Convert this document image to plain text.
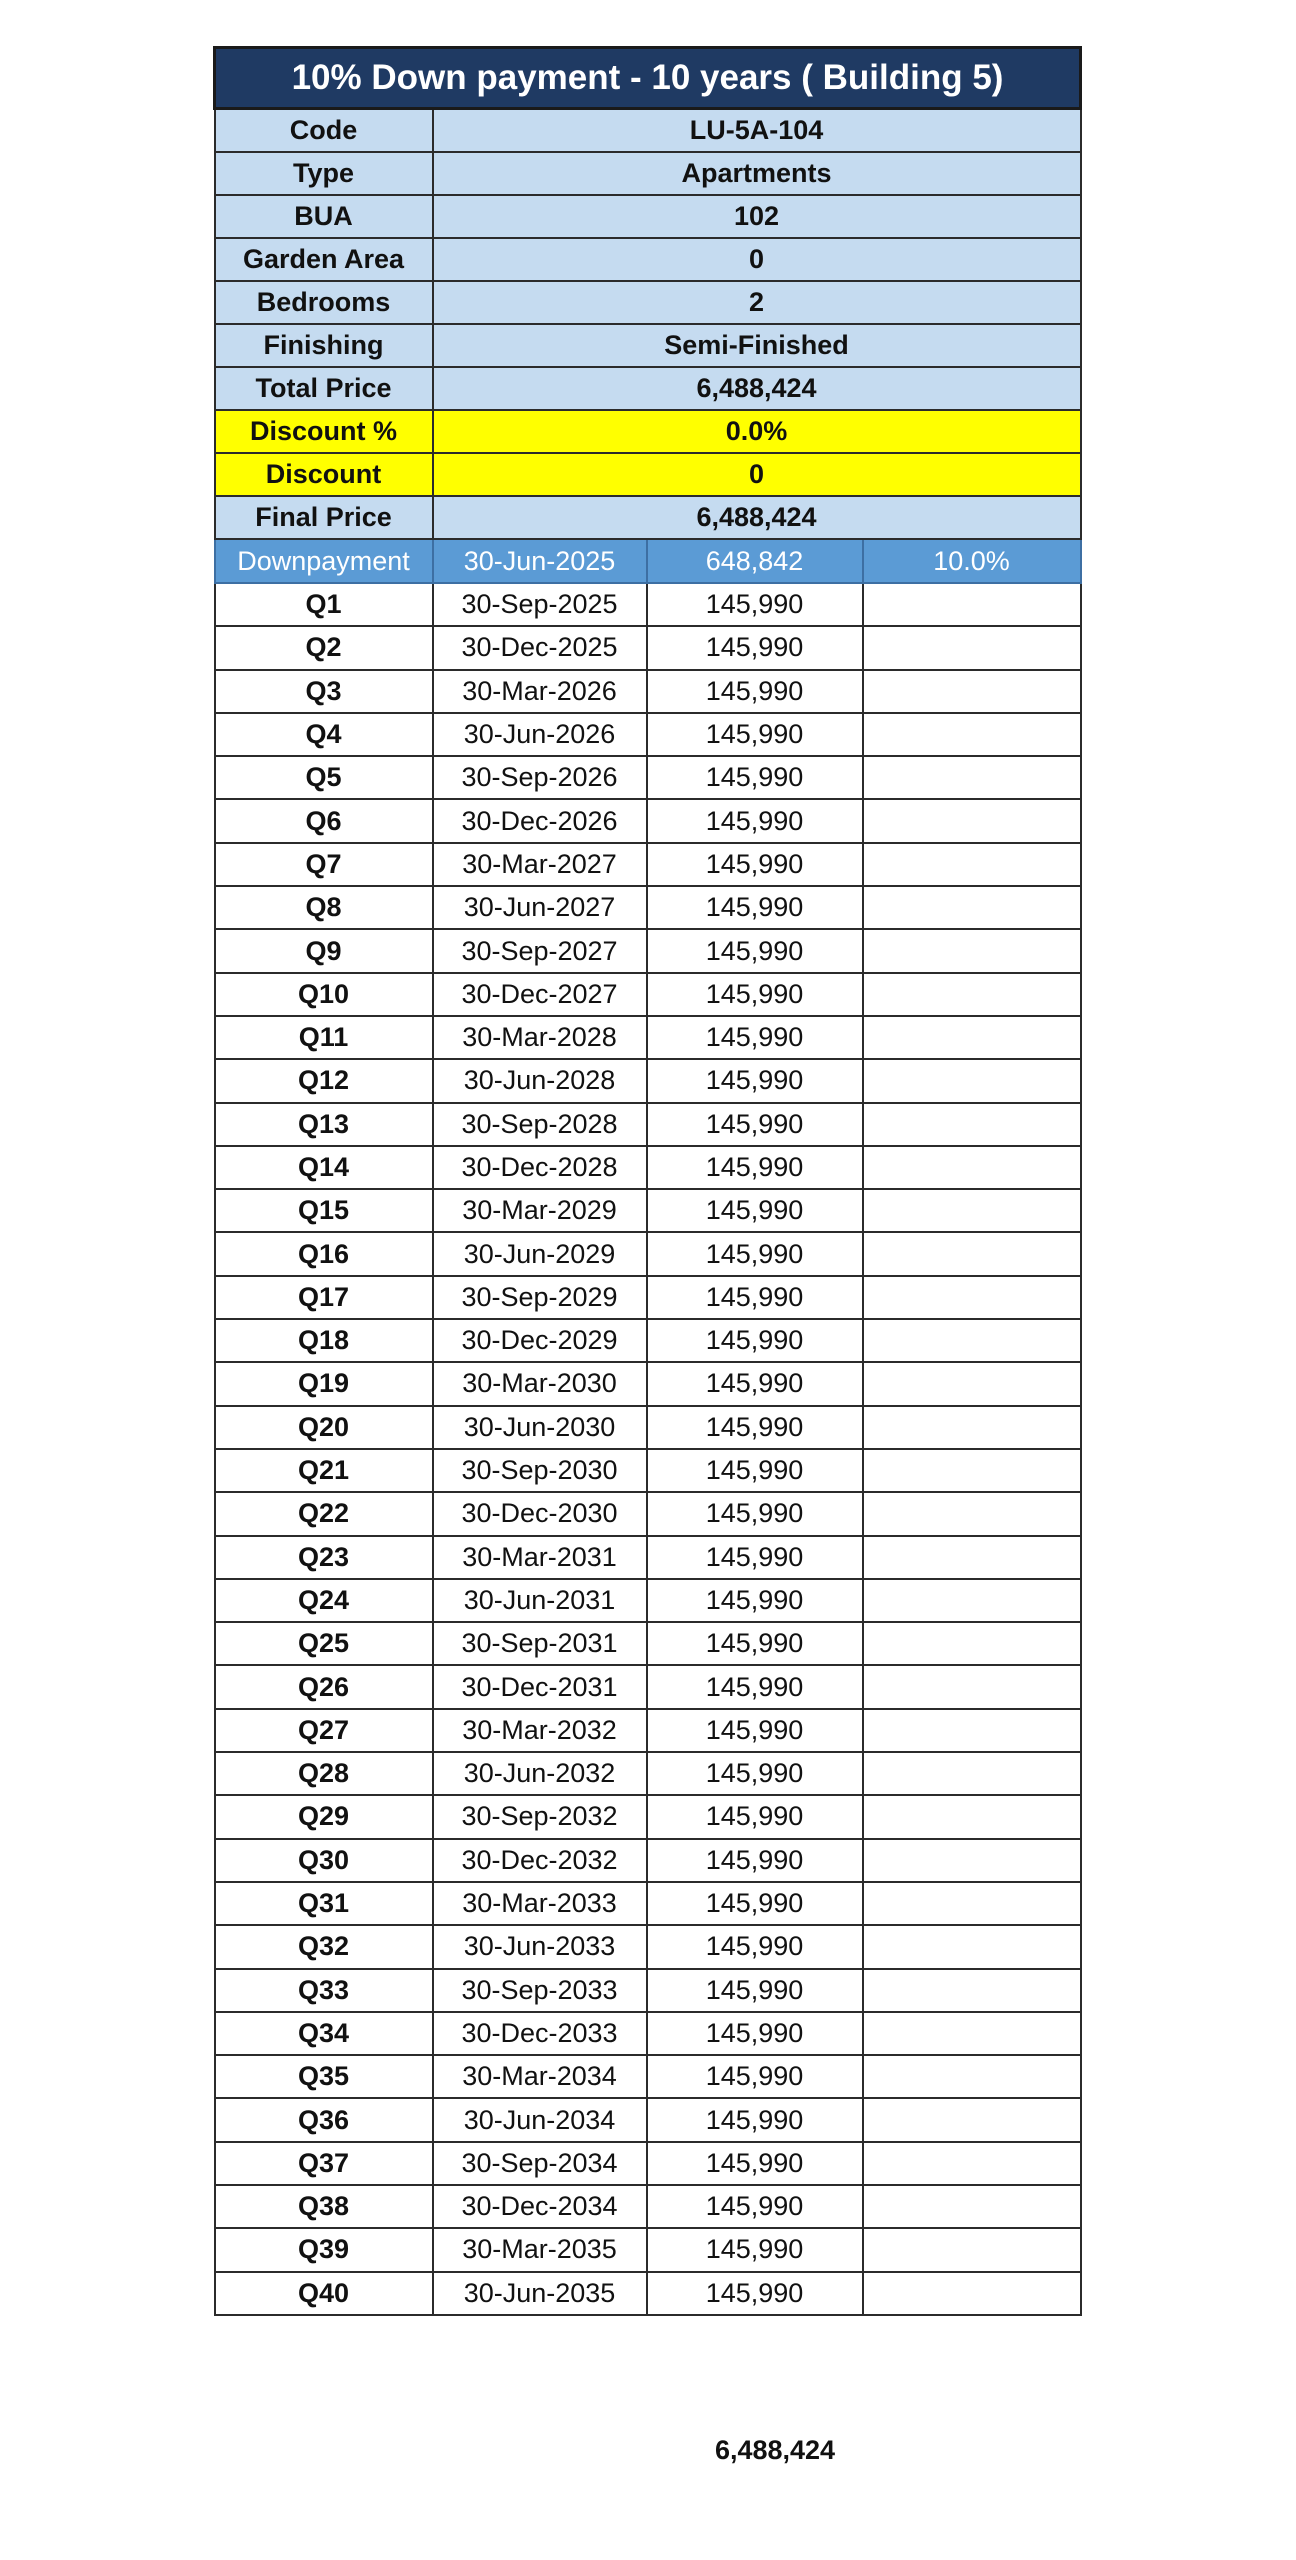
10% Down payment - 10 years ( Building 5)			
Code	LU-5A-104		
Type	Apartments		
BUA	102		
Garden Area	0		
Bedrooms	2		
Finishing	Semi-Finished		
Total Price	6,488,424		
Discount %	0.0%		
Discount	0		
Final Price	6,488,424		
Downpayment	30-Jun-2025	648,842	10.0%
Q1	30-Sep-2025	145,990	
Q2	30-Dec-2025	145,990	
Q3	30-Mar-2026	145,990	
Q4	30-Jun-2026	145,990	
Q5	30-Sep-2026	145,990	
Q6	30-Dec-2026	145,990	
Q7	30-Mar-2027	145,990	
Q8	30-Jun-2027	145,990	
Q9	30-Sep-2027	145,990	
Q10	30-Dec-2027	145,990	
Q11	30-Mar-2028	145,990	
Q12	30-Jun-2028	145,990	
Q13	30-Sep-2028	145,990	
Q14	30-Dec-2028	145,990	
Q15	30-Mar-2029	145,990	
Q16	30-Jun-2029	145,990	
Q17	30-Sep-2029	145,990	
Q18	30-Dec-2029	145,990	
Q19	30-Mar-2030	145,990	
Q20	30-Jun-2030	145,990	
Q21	30-Sep-2030	145,990	
Q22	30-Dec-2030	145,990	
Q23	30-Mar-2031	145,990	
Q24	30-Jun-2031	145,990	
Q25	30-Sep-2031	145,990	
Q26	30-Dec-2031	145,990	
Q27	30-Mar-2032	145,990	
Q28	30-Jun-2032	145,990	
Q29	30-Sep-2032	145,990	
Q30	30-Dec-2032	145,990	
Q31	30-Mar-2033	145,990	
Q32	30-Jun-2033	145,990	
Q33	30-Sep-2033	145,990	
Q34	30-Dec-2033	145,990	
Q35	30-Mar-2034	145,990	
Q36	30-Jun-2034	145,990	
Q37	30-Sep-2034	145,990	
Q38	30-Dec-2034	145,990	
Q39	30-Mar-2035	145,990	
Q40	30-Jun-2035	145,990	
6,488,424
